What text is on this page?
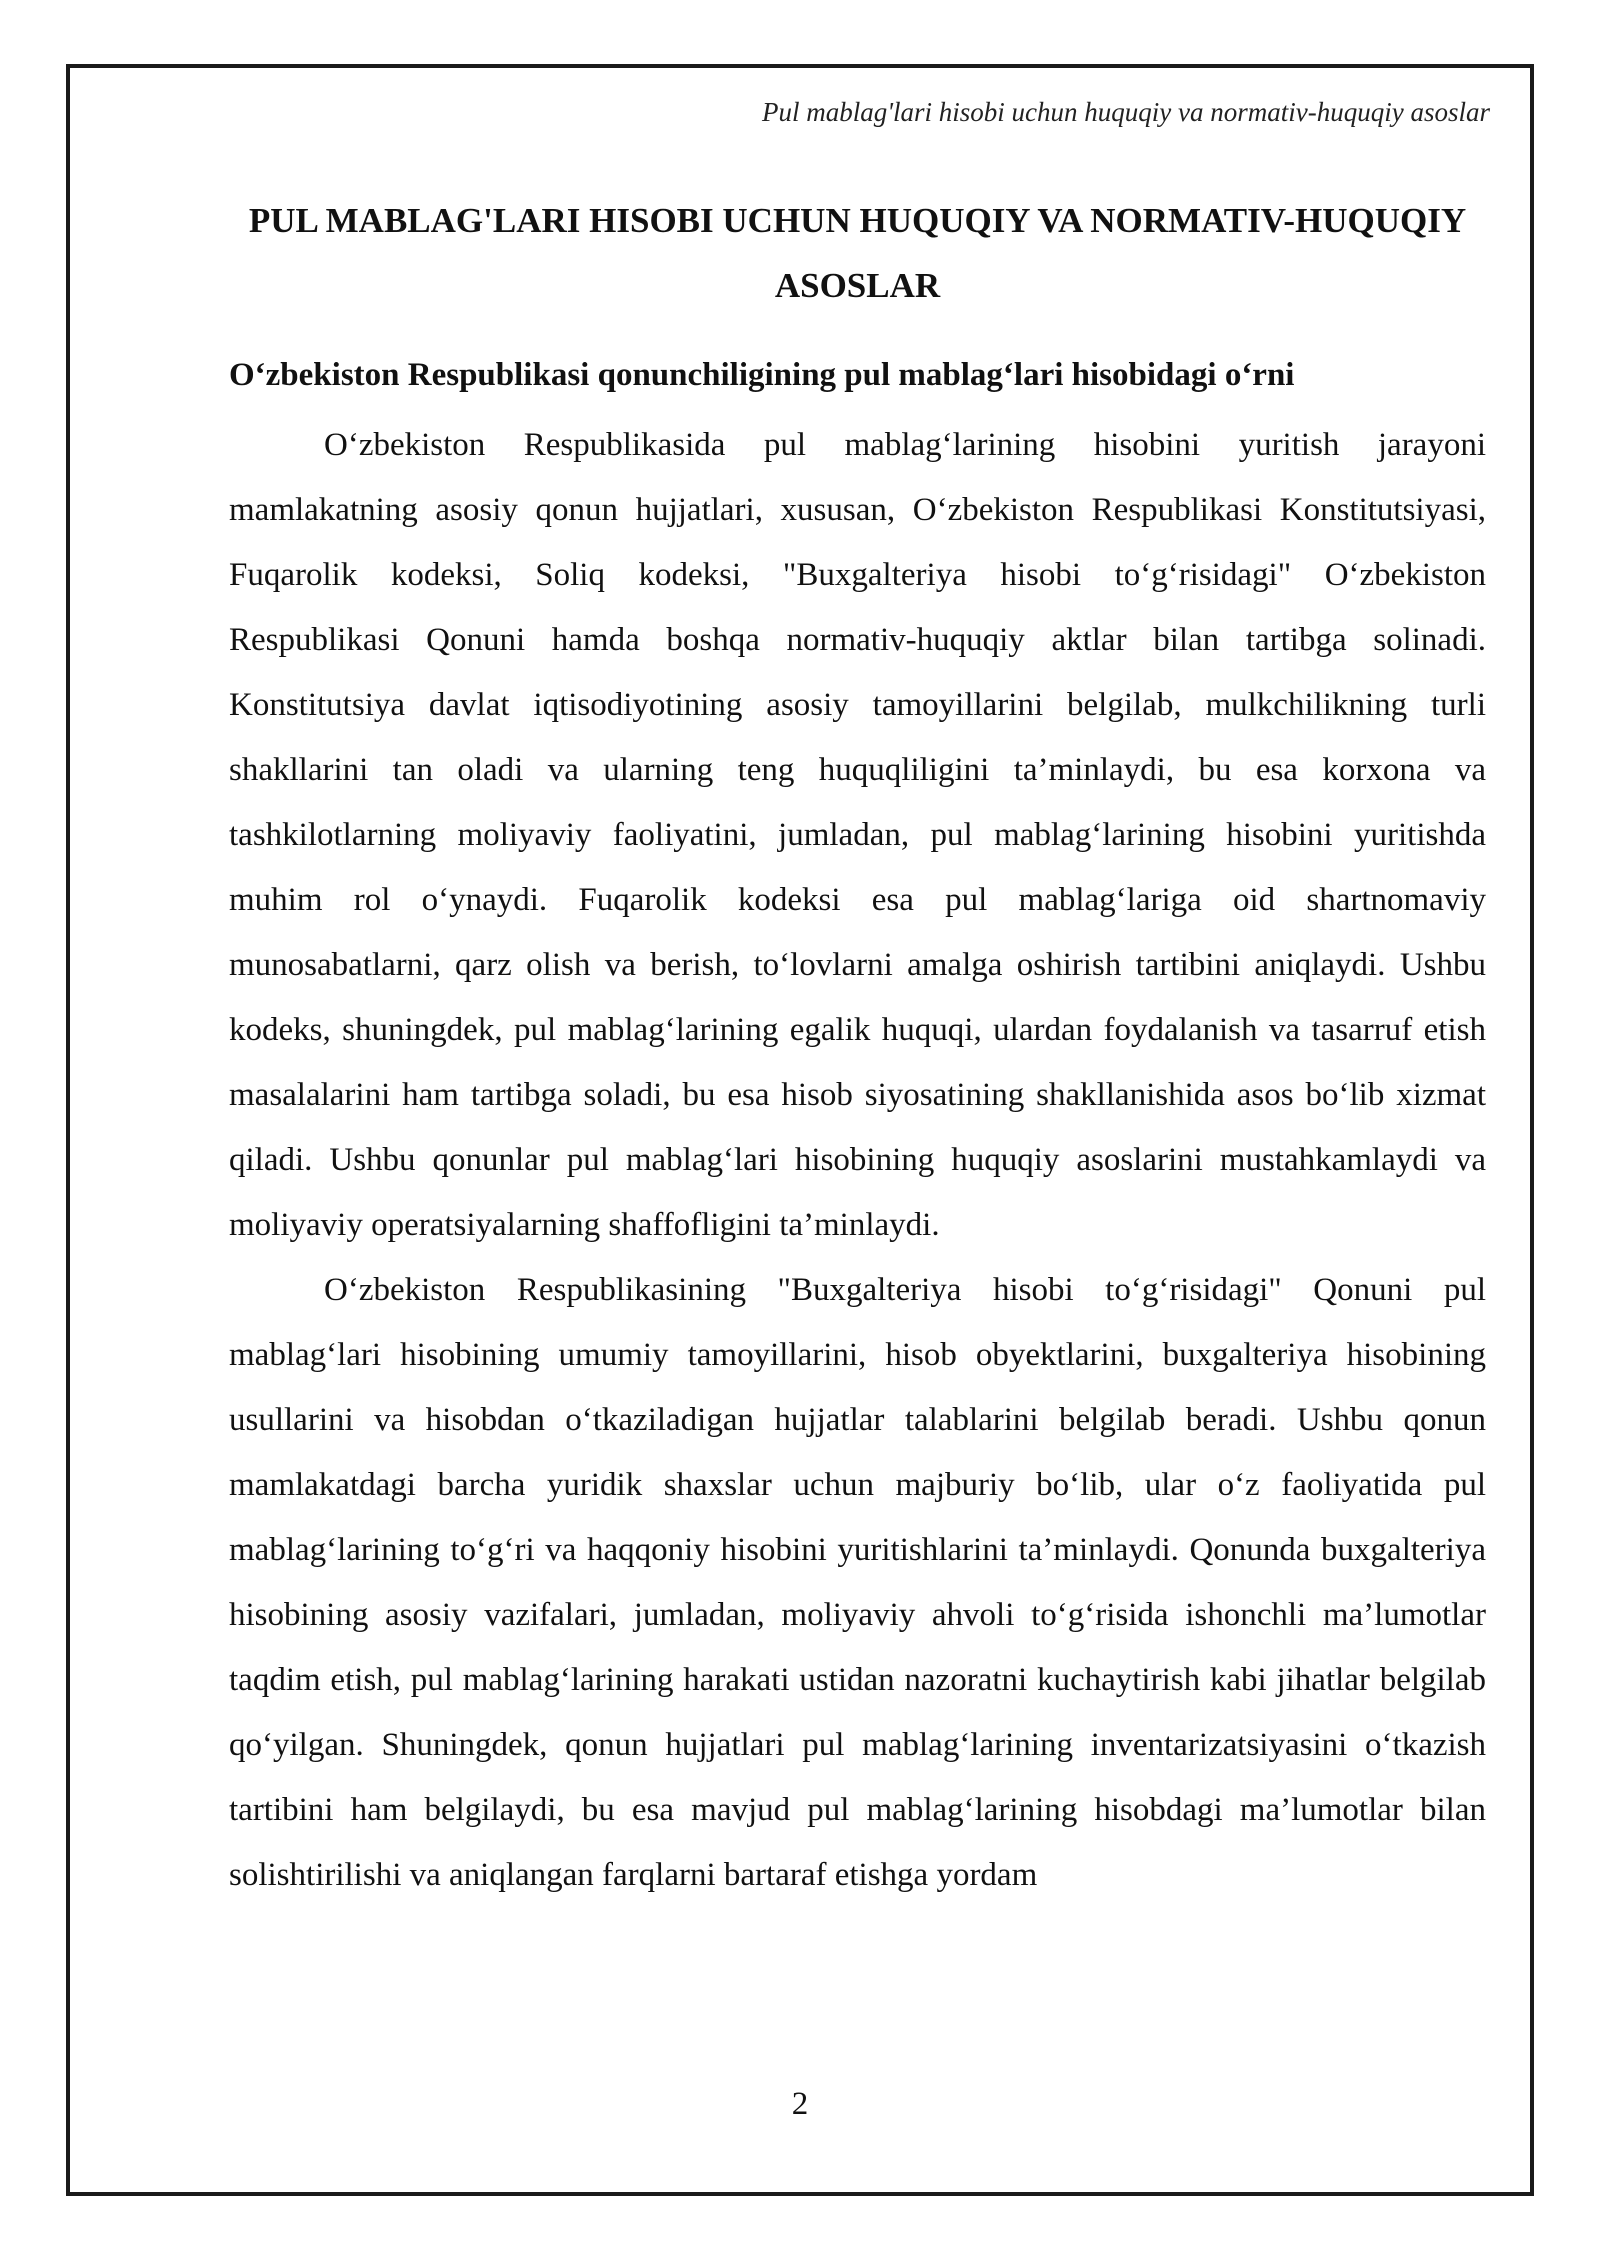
Pul mablag'lari hisobi uchun huquqiy va normativ-huquqiy asoslar
PUL MABLAG'LARI HISOBI UCHUN HUQUQIY VA NORMATIV-HUQUQIY ASOSLAR
O‘zbekiston Respublikasi qonunchiligining pul mablag‘lari hisobidagi o‘rni

O‘zbekiston Respublikasida pul mablag‘larining hisobini yuritish jarayoni mamlakatning asosiy qonun hujjatlari, xususan, O‘zbekiston Respublikasi Konstitutsiyasi, Fuqarolik kodeksi, Soliq kodeksi, "Buxgalteriya hisobi to‘g‘risidagi" O‘zbekiston Respublikasi Qonuni hamda boshqa normativ-huquqiy aktlar bilan tartibga solinadi. Konstitutsiya davlat iqtisodiyotining asosiy tamoyillarini belgilab, mulkchilikning turli shakllarini tan oladi va ularning teng huquqliligini ta’minlaydi, bu esa korxona va tashkilotlarning moliyaviy faoliyatini, jumladan, pul mablag‘larining hisobini yuritishda muhim rol o‘ynaydi. Fuqarolik kodeksi esa pul mablag‘lariga oid shartnomaviy munosabatlarni, qarz olish va berish, to‘lovlarni amalga oshirish tartibini aniqlaydi. Ushbu kodeks, shuningdek, pul mablag‘larining egalik huquqi, ulardan foydalanish va tasarruf etish masalalarini ham tartibga soladi, bu esa hisob siyosatining shakllanishida asos bo‘lib xizmat qiladi. Ushbu qonunlar pul mablag‘lari hisobining huquqiy asoslarini mustahkamlaydi va moliyaviy operatsiyalarning shaffofligini ta’minlaydi.

O‘zbekiston Respublikasining "Buxgalteriya hisobi to‘g‘risidagi" Qonuni pul mablag‘lari hisobining umumiy tamoyillarini, hisob obyektlarini, buxgalteriya hisobining usullarini va hisobdan o‘tkaziladigan hujjatlar talablarini belgilab beradi. Ushbu qonun mamlakatdagi barcha yuridik shaxslar uchun majburiy bo‘lib, ular o‘z faoliyatida pul mablag‘larining to‘g‘ri va haqqoniy hisobini yuritishlarini ta’minlaydi. Qonunda buxgalteriya hisobining asosiy vazifalari, jumladan, moliyaviy ahvoli to‘g‘risida ishonchli ma’lumotlar taqdim etish, pul mablag‘larining harakati ustidan nazoratni kuchaytirish kabi jihatlar belgilab qo‘yilgan. Shuningdek, qonun hujjatlari pul mablag‘larining inventarizatsiyasini o‘tkazish tartibini ham belgilaydi, bu esa mavjud pul mablag‘larining hisobdagi ma’lumotlar bilan solishtirilishi va aniqlangan farqlarni bartaraf etishga yordam

2
